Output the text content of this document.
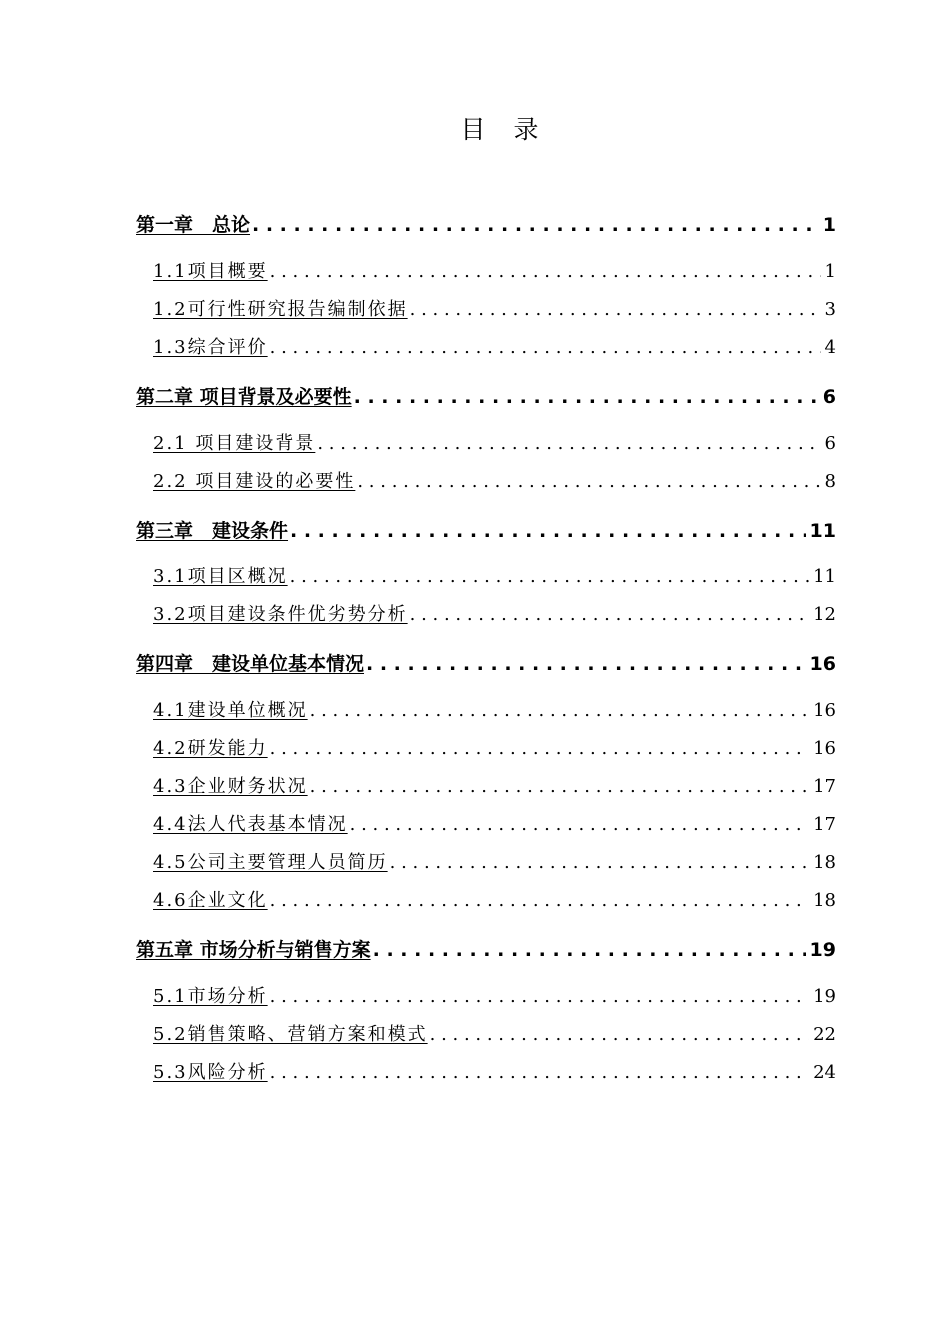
目录
第一章　总论 . . .	1
1.1项目概要 . . .	1
1.2可行性研究报告编制依据 . . .	3
1.3综合评价 . . .	4
第二章 项目背景及必要性 . . .	6
2.1 项目建设背景 . . .	6
2.2 项目建设的必要性 . . .	8
第三章　建设条件 . . .	11
3.1项目区概况 . . .	11
3.2项目建设条件优劣势分析 . . .	12
第四章　建设单位基本情况 . . .	16
4.1建设单位概况 . . .	16
4.2研发能力 . . .	16
4.3企业财务状况 . . .	17
4.4法人代表基本情况 . . .	17
4.5公司主要管理人员简历 . . .	18
4.6企业文化 . . .	18
第五章 市场分析与销售方案 . . .	19
5.1市场分析 . . .	19
5.2销售策略、营销方案和模式 . . .	22
5.3风险分析 . . .	24
